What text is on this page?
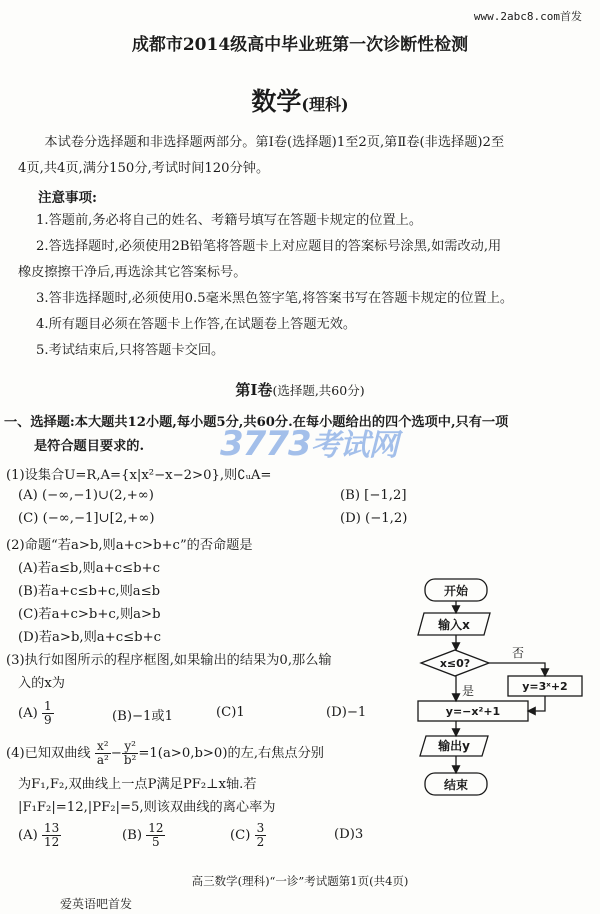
www.2abc8.com首发
成都市2014级高中毕业班第一次诊断性检测
数学(理科)

本试卷分选择题和非选择题两部分。第Ⅰ卷(选择题)1至2页,第Ⅱ卷(非选择题)2至

4页,共4页,满分150分,考试时间120分钟。

注意事项:
1.答题前,务必将自己的姓名、考籍号填写在答题卡规定的位置上。
2.答选择题时,必须使用2B铅笔将答题卡上对应题目的答案标号涂黑,如需改动,用
橡皮擦擦干净后,再选涂其它答案标号。
3.答非选择题时,必须使用0.5毫米黑色签字笔,将答案书写在答题卡规定的位置上。
4.所有题目必须在答题卡上作答,在试题卷上答题无效。
5.考试结束后,只将答题卡交回。
第Ⅰ卷(选择题,共60分)
一、选择题:本大题共12小题,每小题5分,共60分.在每小题给出的四个选项中,只有一项
是符合题目要求的.	3773考试网
(1)设集合U=R,A={x|x²−x−2>0},则∁ᵤA=
(A) (−∞,−1)∪(2,+∞)	(B) [−1,2]
(C) (−∞,−1]∪[2,+∞)	(D) (−1,2)
(2)命题“若a>b,则a+c>b+c”的否命题是
(A)若a≤b,则a+c≤b+c
(B)若a+c≤b+c,则a≤b
(C)若a+c>b+c,则a>b
(D)若a>b,则a+c≤b+c
(3)执行如图所示的程序框图,如果输出的结果为0,那么输
入的x为
$(A) \frac{1}{9}$	(B)−1或1	(C)1	(D)−1
(4)已知双曲线 $\frac{\text{x²}}{\text{a²}} - \frac{\text{y²}}{\text{b²}} =1(a>0,b>0)$的左,右焦点分别
为F₁,F₂,双曲线上一点P满足PF₂⊥x轴.若
|F₁F₂|=12,|PF₂|=5,则该双曲线的离心率为
$(A) \frac{13}{12}$	$(B) \frac{12}{5}$	$(C) \frac{3}{2}$	(D)3
开始
输入x
x≤0?
否
是	y=3ˣ+2
y=−x²+1
输出y
结束
高三数学(理科)“一诊”考试题第1页(共4页)
爱英语吧首发
